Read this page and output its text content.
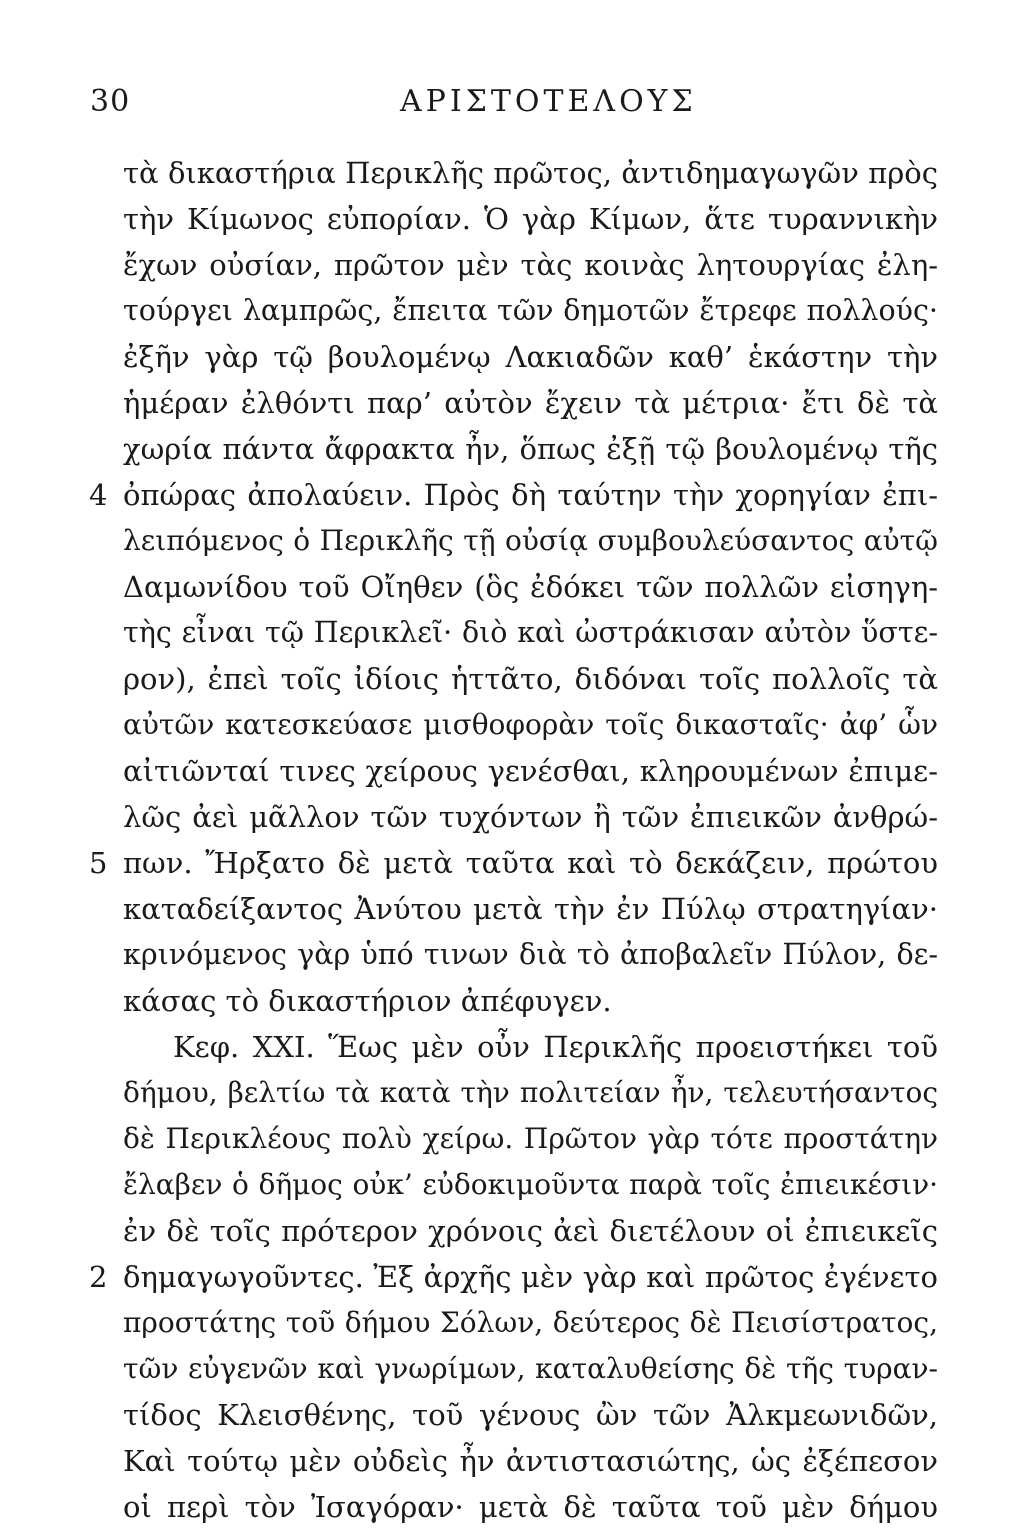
30	ΑΡΙΣΤΟΤΕΛΟΥΣ
τὰ δικαστήρια Περικλῆς πρῶτος, ἀντιδημαγωγῶν πρὸς
τὴν Κίμωνος εὐπορίαν. Ὁ γὰρ Κίμων, ἅτε τυραννικὴν
ἔχων οὐσίαν, πρῶτον μὲν τὰς κοινὰς λητουργίας ἐλη-
τούργει λαμπρῶς, ἔπειτα τῶν δημοτῶν ἔτρεφε πολλούς·
ἐξῆν γὰρ τῷ βουλομένῳ Λακιαδῶν καθ’ ἑκάστην τὴν
ἡμέραν ἐλθόντι παρ’ αὐτὸν ἔχειν τὰ μέτρια· ἔτι δὲ τὰ
χωρία πάντα ἄφρακτα ἦν, ὅπως ἐξῇ τῷ βουλομένῳ τῆς
4 ὀπώρας ἀπολαύειν. Πρὸς δὴ ταύτην τὴν χορηγίαν ἐπι-
λειπόμενος ὁ Περικλῆς τῇ οὐσίᾳ συμβουλεύσαντος αὐτῷ
Δαμωνίδου τοῦ Οἴηθεν (ὃς ἐδόκει τῶν πολλῶν εἰσηγη-
τὴς εἶναι τῷ Περικλεῖ· διὸ καὶ ὠστράκισαν αὐτὸν ὕστε-
ρον), ἐπεὶ τοῖς ἰδίοις ἡττᾶτο, διδόναι τοῖς πολλοῖς τὰ
αὐτῶν κατεσκεύασε μισθοφορὰν τοῖς δικασταῖς· ἀφ’ ὧν
αἰτιῶνταί τινες χείρους γενέσθαι, κληρουμένων ἐπιμε-
λῶς ἀεὶ μᾶλλον τῶν τυχόντων ἢ τῶν ἐπιεικῶν ἀνθρώ-
5 πων. Ἤρξατο δὲ μετὰ ταῦτα καὶ τὸ δεκάζειν, πρώτου
καταδείξαντος Ἀνύτου μετὰ τὴν ἐν Πύλῳ στρατηγίαν·
κρινόμενος γὰρ ὑπό τινων διὰ τὸ ἀποβαλεῖν Πύλον, δε-
κάσας τὸ δικαστήριον ἀπέφυγεν.
Κεφ. XXI. Ἕως μὲν οὖν Περικλῆς προειστήκει τοῦ
δήμου, βελτίω τὰ κατὰ τὴν πολιτείαν ἦν, τελευτήσαντος
δὲ Περικλέους πολὺ χείρω. Πρῶτον γὰρ τότε προστάτην
ἔλαβεν ὁ δῆμος οὐκ’ εὐδοκιμοῦντα παρὰ τοῖς ἐπιεικέσιν·
ἐν δὲ τοῖς πρότερον χρόνοις ἀεὶ διετέλουν οἱ ἐπιεικεῖς
2 δημαγωγοῦντες. Ἐξ ἀρχῆς μὲν γὰρ καὶ πρῶτος ἐγένετο
προστάτης τοῦ δήμου Σόλων, δεύτερος δὲ Πεισίστρατος,
τῶν εὐγενῶν καὶ γνωρίμων, καταλυθείσης δὲ τῆς τυραν-
τίδος Κλεισθένης, τοῦ γένους ὢν τῶν Ἀλκμεωνιδῶν,
Καὶ τούτῳ μὲν οὐδεὶς ἦν ἀντιστασιώτης, ὡς ἐξέπεσον
οἱ περὶ τὸν Ἰσαγόραν· μετὰ δὲ ταῦτα τοῦ μὲν δήμου
